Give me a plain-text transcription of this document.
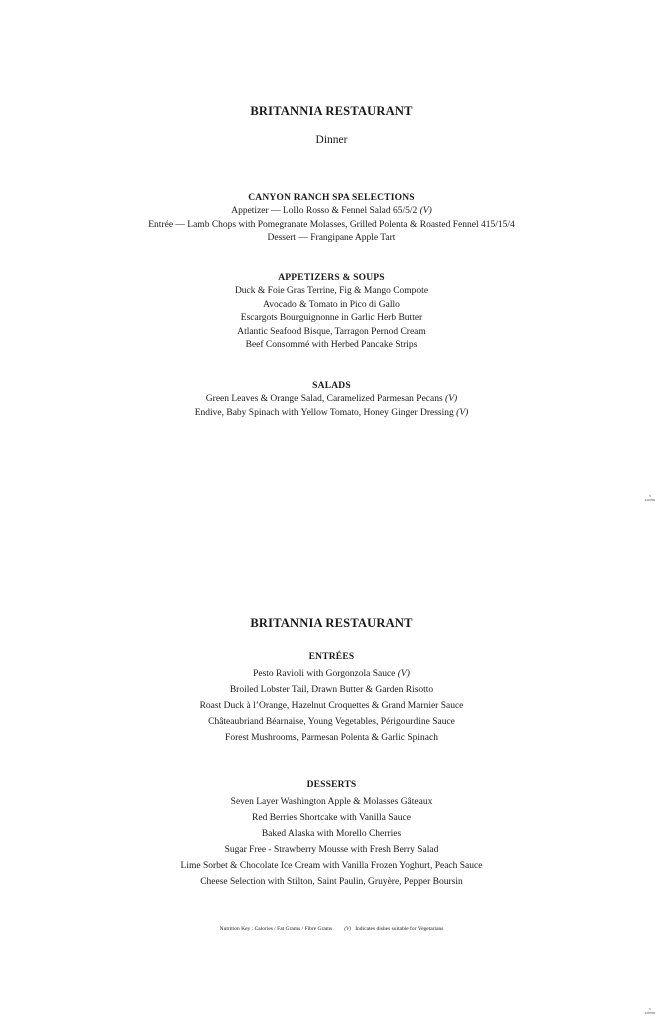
BRITANNIA RESTAURANT
Dinner
CANYON RANCH SPA SELECTIONS
Appetizer — Lollo Rosso & Fennel Salad 65/5/2 (V)
Entrée — Lamb Chops with Pomegranate Molasses, Grilled Polenta & Roasted Fennel 415/15/4
Dessert — Frangipane Apple Tart
APPETIZERS & SOUPS
Duck & Foie Gras Terrine, Fig & Mango Compote
Avocado & Tomato in Pico di Gallo
Escargots Bourguignonne in Garlic Herb Butter
Atlantic Seafood Bisque, Tarragon Pernod Cream
Beef Consommé with Herbed Pancake Strips
SALADS
Green Leaves & Orange Salad, Caramelized Parmesan Pecans (V)
Endive, Baby Spinach with Yellow Tomato, Honey Ginger Dressing (V)
3
220706
BRITANNIA RESTAURANT
ENTRÉES
Pesto Ravioli with Gorgonzola Sauce (V)
Broiled Lobster Tail, Drawn Butter & Garden Risotto
Roast Duck à l’Orange, Hazelnut Croquettes & Grand Marnier Sauce
Châteaubriand Béarnaise, Young Vegetables, Périgourdine Sauce
Forest Mushrooms, Parmesan Polenta & Garlic Spinach
DESSERTS
Seven Layer Washington Apple & Molasses Gâteaux
Red Berries Shortcake with Vanilla Sauce
Baked Alaska with Morello Cherries
Sugar Free - Strawberry Mousse with Fresh Berry Salad
Lime Sorbet & Chocolate Ice Cream with Vanilla Frozen Yoghurt, Peach Sauce
Cheese Selection with Stilton, Saint Paulin, Gruyère, Pepper Boursin
Nutrition Key : Calories / Fat Grams / Fibre Grams (V) Indicates dishes suitable for Vegetarians
3
220706
